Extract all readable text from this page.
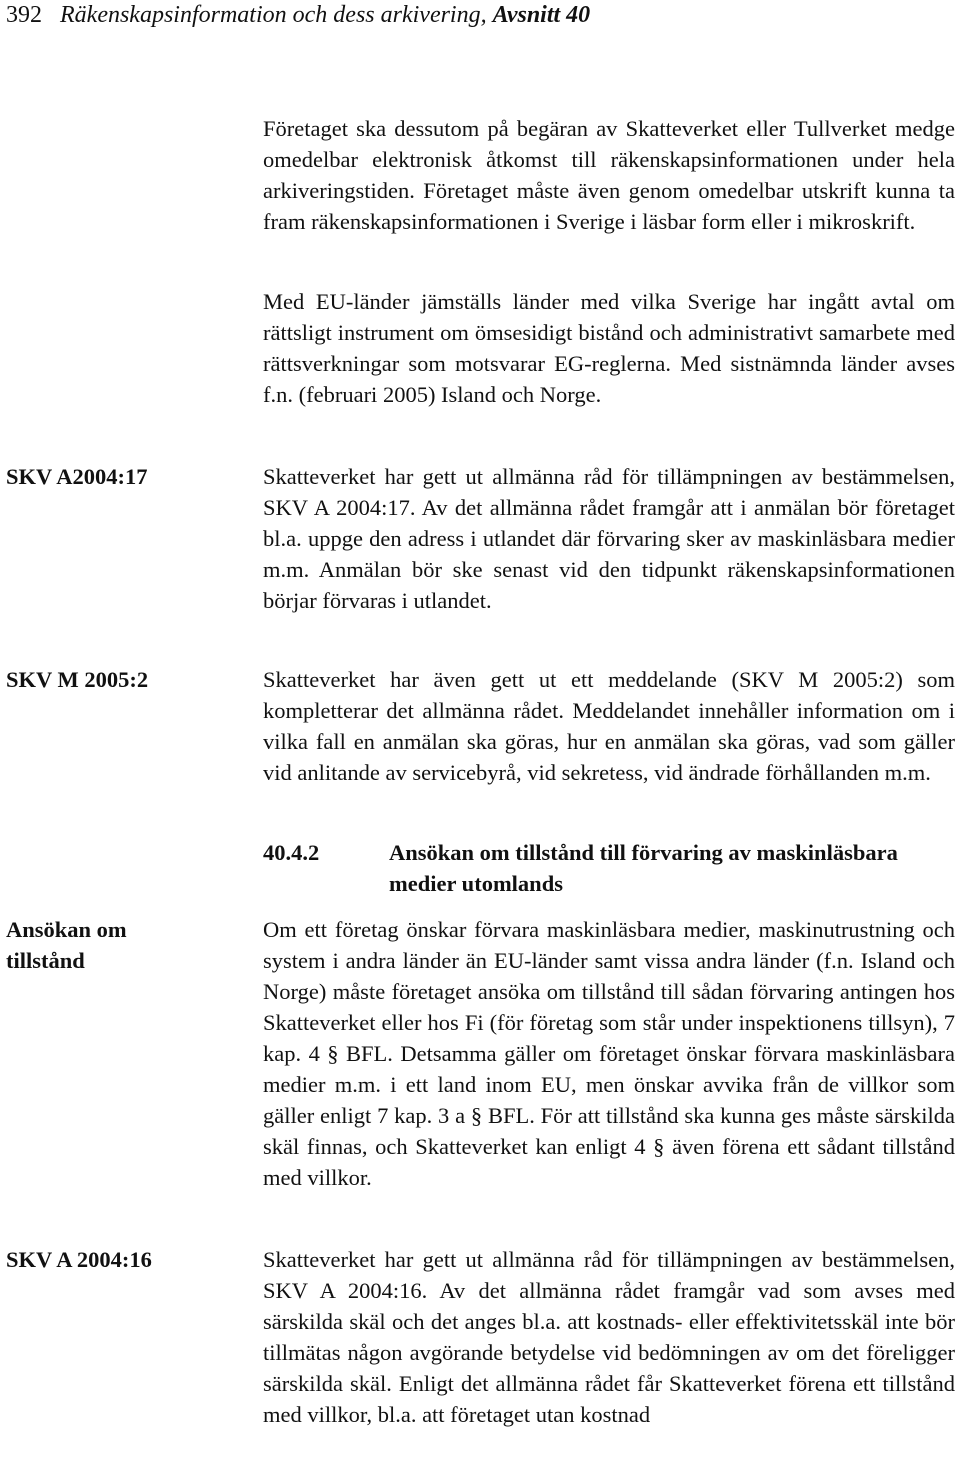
392 Räkenskapsinformation och dess arkivering, Avsnitt 40
Företaget ska dessutom på begäran av Skatteverket eller Tullverket medge omedelbar elektronisk åtkomst till räkenskapsinformationen under hela arkiveringstiden. Företaget måste även genom omedelbar utskrift kunna ta fram räkenskapsinformationen i Sverige i läsbar form eller i mikroskrift.
Med EU-länder jämställs länder med vilka Sverige har ingått avtal om rättsligt instrument om ömsesidigt bistånd och administrativt samarbete med rättsverkningar som motsvarar EG-reglerna. Med sistnämnda länder avses f.n. (februari 2005) Island och Norge.
Skatteverket har gett ut allmänna råd för tillämpningen av bestämmelsen, SKV A 2004:17. Av det allmänna rådet framgår att i anmälan bör företaget bl.a. uppge den adress i utlandet där förvaring sker av maskinläsbara medier m.m. Anmälan bör ske senast vid den tidpunkt räkenskapsinformationen börjar förvaras i utlandet.
Skatteverket har även gett ut ett meddelande (SKV M 2005:2) som kompletterar det allmänna rådet. Meddelandet innehåller information om i vilka fall en anmälan ska göras, hur en anmälan ska göras, vad som gäller vid anlitande av servicebyrå, vid sekretess, vid ändrade förhållanden m.m.
40.4.2	Ansökan om tillstånd till förvaring av maskinläsbara medier utomlands
Om ett företag önskar förvara maskinläsbara medier, maskinutrustning och system i andra länder än EU-länder samt vissa andra länder (f.n. Island och Norge) måste företaget ansöka om tillstånd till sådan förvaring antingen hos Skatteverket eller hos Fi (för företag som står under inspektionens tillsyn), 7 kap. 4 § BFL. Detsamma gäller om företaget önskar förvara maskinläsbara medier m.m. i ett land inom EU, men önskar avvika från de villkor som gäller enligt 7 kap. 3 a § BFL. För att tillstånd ska kunna ges måste särskilda skäl finnas, och Skatteverket kan enligt 4 § även förena ett sådant tillstånd med villkor.
Skatteverket har gett ut allmänna råd för tillämpningen av bestämmelsen, SKV A 2004:16. Av det allmänna rådet framgår vad som avses med särskilda skäl och det anges bl.a. att kostnads- eller effektivitetsskäl inte bör tillmätas någon avgörande betydelse vid bedömningen av om det föreligger särskilda skäl. Enligt det allmänna rådet får Skatteverket förena ett tillstånd med villkor, bl.a. att företaget utan kostnad
SKV A2004:17
SKV M 2005:2
Ansökan om tillstånd
SKV A 2004:16
